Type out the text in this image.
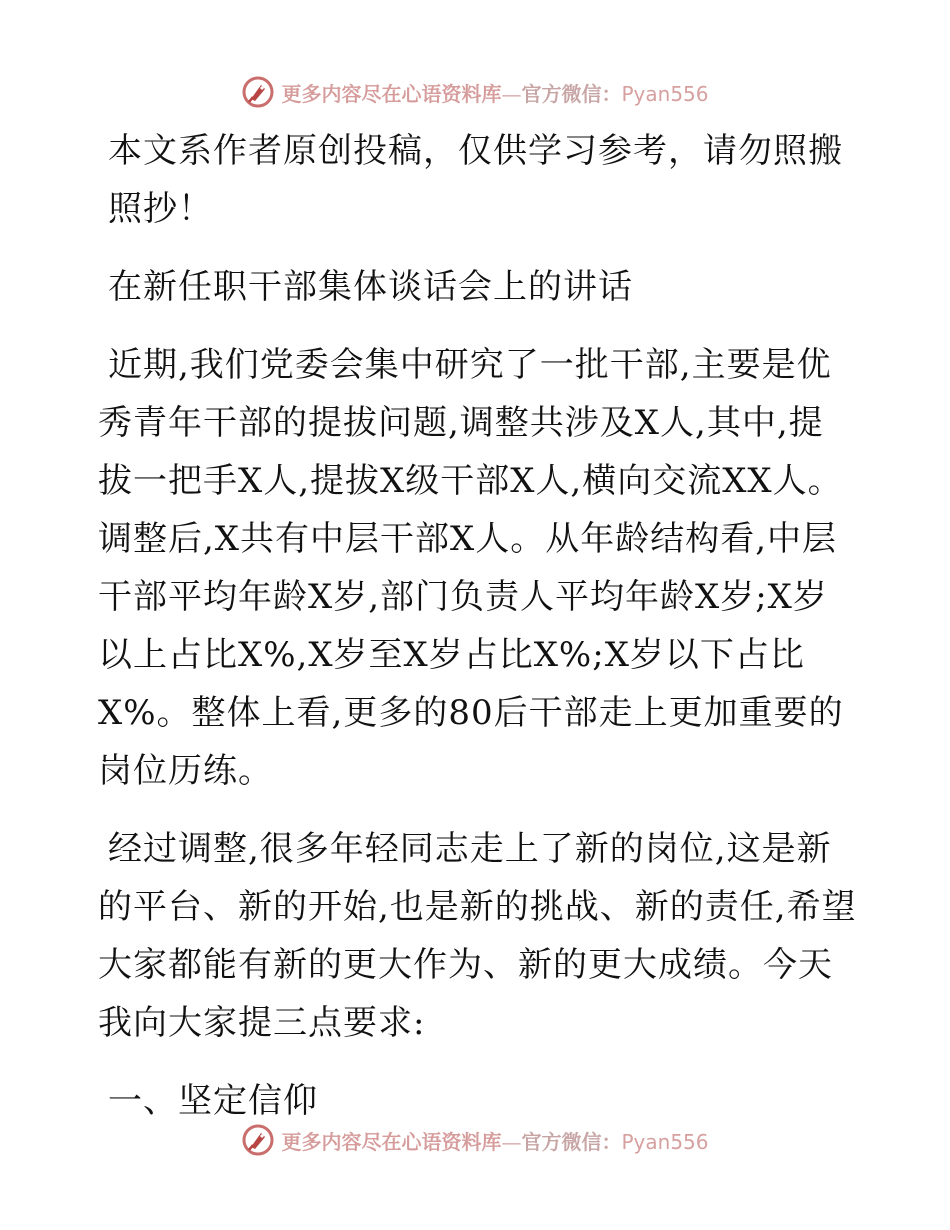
更多内容尽在心语资料库—官方微信：Pyan556

本文系作者原创投稿，仅供学习参考，请勿照搬照抄！

在新任职干部集体谈话会上的讲话

近期,我们党委会集中研究了一批干部,主要是优秀青年干部的提拔问题,调整共涉及X人,其中,提拔一把手X人,提拔X级干部X人,横向交流XX人。调整后,X共有中层干部X人。从年龄结构看,中层干部平均年龄X岁,部门负责人平均年龄X岁;X岁以上占比X%,X岁至X岁占比X%;X岁以下占比X%。整体上看,更多的80后干部走上更加重要的岗位历练。

经过调整,很多年轻同志走上了新的岗位,这是新的平台、新的开始,也是新的挑战、新的责任,希望大家都能有新的更大作为、新的更大成绩。今天我向大家提三点要求:

一、坚定信仰

更多内容尽在心语资料库—官方微信：Pyan556
